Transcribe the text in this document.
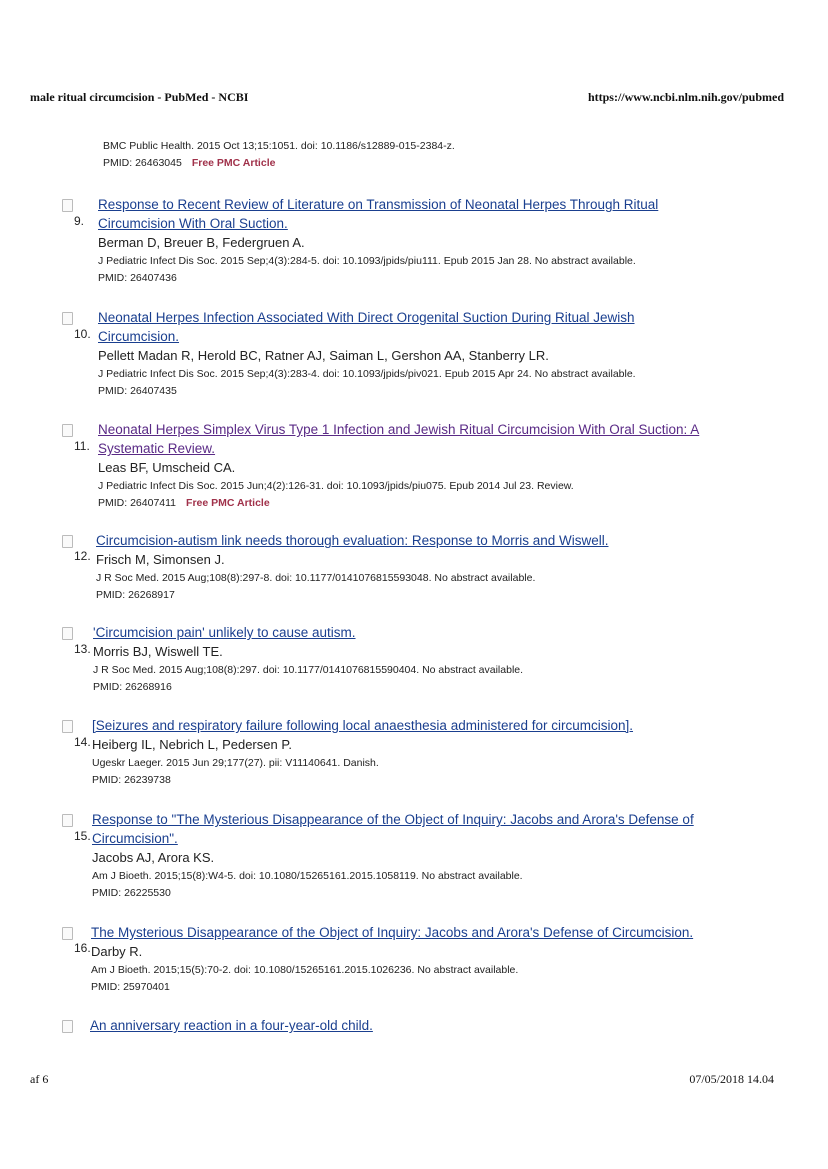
male ritual circumcision - PubMed - NCBI	https://www.ncbi.nlm.nih.gov/pubmed
BMC Public Health. 2015 Oct 13;15:1051. doi: 10.1186/s12889-015-2384-z.
PMID: 26463045 Free PMC Article
9.
Response to Recent Review of Literature on Transmission of Neonatal Herpes Through Ritual
Circumcision With Oral Suction.
Berman D, Breuer B, Federgruen A.
J Pediatric Infect Dis Soc. 2015 Sep;4(3):284-5. doi: 10.1093/jpids/piu111. Epub 2015 Jan 28. No abstract available.
PMID: 26407436
10.
Neonatal Herpes Infection Associated With Direct Orogenital Suction During Ritual Jewish
Circumcision.
Pellett Madan R, Herold BC, Ratner AJ, Saiman L, Gershon AA, Stanberry LR.
J Pediatric Infect Dis Soc. 2015 Sep;4(3):283-4. doi: 10.1093/jpids/piv021. Epub 2015 Apr 24. No abstract available.
PMID: 26407435
11.
Neonatal Herpes Simplex Virus Type 1 Infection and Jewish Ritual Circumcision With Oral Suction: A
Systematic Review.
Leas BF, Umscheid CA.
J Pediatric Infect Dis Soc. 2015 Jun;4(2):126-31. doi: 10.1093/jpids/piu075. Epub 2014 Jul 23. Review.
PMID: 26407411 Free PMC Article
12.
Circumcision-autism link needs thorough evaluation: Response to Morris and Wiswell.
Frisch M, Simonsen J.
J R Soc Med. 2015 Aug;108(8):297-8. doi: 10.1177/0141076815593048. No abstract available.
PMID: 26268917
13.
'Circumcision pain' unlikely to cause autism.
Morris BJ, Wiswell TE.
J R Soc Med. 2015 Aug;108(8):297. doi: 10.1177/0141076815590404. No abstract available.
PMID: 26268916
14.
[Seizures and respiratory failure following local anaesthesia administered for circumcision].
Heiberg IL, Nebrich L, Pedersen P.
Ugeskr Laeger. 2015 Jun 29;177(27). pii: V11140641. Danish.
PMID: 26239738
15.
Response to "The Mysterious Disappearance of the Object of Inquiry: Jacobs and Arora's Defense of
Circumcision".
Jacobs AJ, Arora KS.
Am J Bioeth. 2015;15(8):W4-5. doi: 10.1080/15265161.2015.1058119. No abstract available.
PMID: 26225530
16.
The Mysterious Disappearance of the Object of Inquiry: Jacobs and Arora's Defense of Circumcision.
Darby R.
Am J Bioeth. 2015;15(5):70-2. doi: 10.1080/15265161.2015.1026236. No abstract available.
PMID: 25970401
An anniversary reaction in a four-year-old child.
af 6	07/05/2018 14.04
